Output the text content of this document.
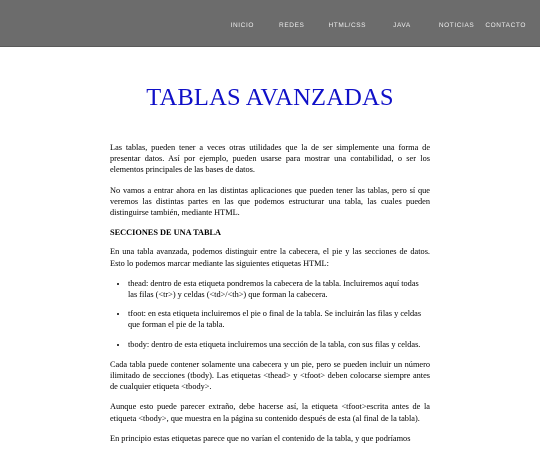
INICIO	REDES	HTML/CSS	JAVA	NOTICIAS CONTACTO
TABLAS AVANZADAS

Las tablas, pueden tener a veces otras utilidades que la de ser simplemente una forma de presentar datos. Así por ejemplo, pueden usarse para mostrar una contabilidad, o ser los elementos principales de las bases de datos.

No vamos a entrar ahora en las distintas aplicaciones que pueden tener las tablas, pero sí que veremos las distintas partes en las que podemos estructurar una tabla, las cuales pueden distinguirse también, mediante HTML.

SECCIONES DE UNA TABLA

En una tabla avanzada, podemos distinguir entre la cabecera, el pie y las secciones de datos. Esto lo podemos marcar mediante las siguientes etiquetas HTML:

• thead: dentro de esta etiqueta pondremos la cabecera de la tabla. Incluiremos aquí todas las filas (<tr>) y celdas (<td>/<th>) que forman la cabecera.
• tfoot: en esta etiqueta incluiremos el pie o final de la tabla. Se incluirán las filas y celdas que forman el pie de la tabla.
• tbody: dentro de esta etiqueta incluiremos una sección de la tabla, con sus filas y celdas.

Cada tabla puede contener solamente una cabecera y un pie, pero se pueden incluir un número ilimitado de secciones (tbody). Las etiquetas <thead> y <tfoot> deben colocarse siempre antes de cualquier etiqueta <tbody>.

Aunque esto puede parecer extraño, debe hacerse así, la etiqueta <tfoot>escrita antes de la etiqueta <tbody>, que muestra en la página su contenido después de esta (al final de la tabla).

En principio estas etiquetas parece que no varían el contenido de la tabla, y que podríamos
